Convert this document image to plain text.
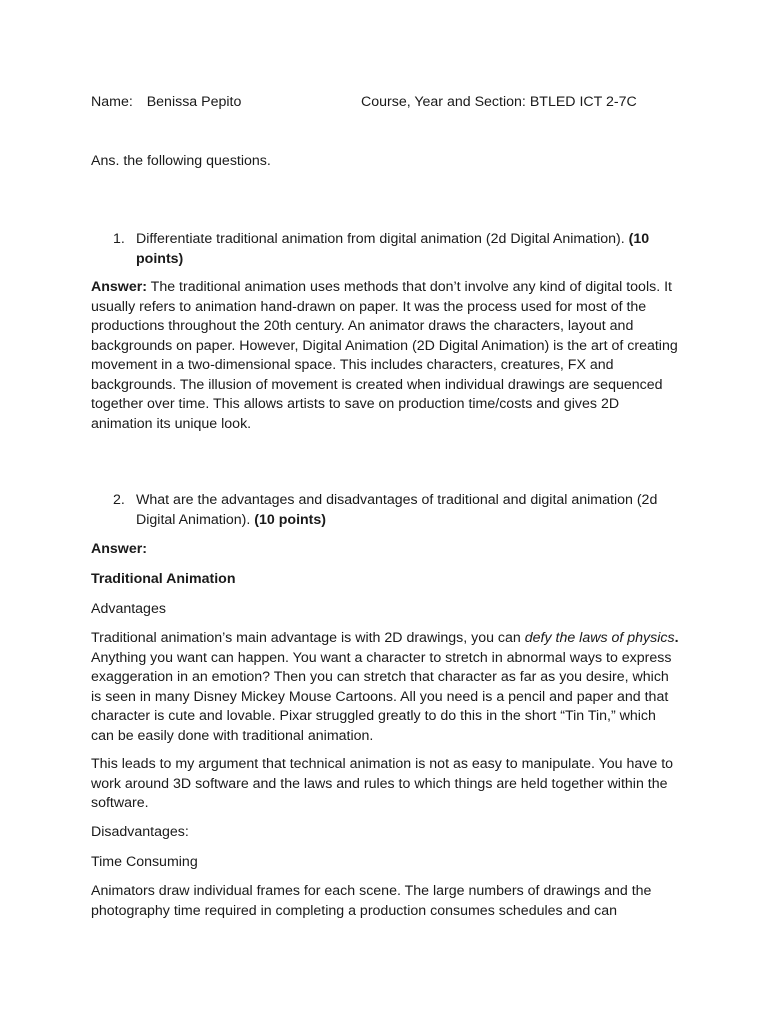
Name: Benissa Pepito	Course, Year and Section: BTLED ICT 2-7C
Ans. the following questions.
1. Differentiate traditional animation from digital animation (2d Digital Animation). (10 points)
Answer: The traditional animation uses methods that don’t involve any kind of digital tools. It usually refers to animation hand-drawn on paper. It was the process used for most of the productions throughout the 20th century. An animator draws the characters, layout and backgrounds on paper. However, Digital Animation (2D Digital Animation) is the art of creating movement in a two-dimensional space. This includes characters, creatures, FX and backgrounds. The illusion of movement is created when individual drawings are sequenced together over time. This allows artists to save on production time/costs and gives 2D animation its unique look.
2. What are the advantages and disadvantages of traditional and digital animation (2d Digital Animation). (10 points)
Answer:
Traditional Animation
Advantages
Traditional animation’s main advantage is with 2D drawings, you can defy the laws of physics. Anything you want can happen. You want a character to stretch in abnormal ways to express exaggeration in an emotion? Then you can stretch that character as far as you desire, which is seen in many Disney Mickey Mouse Cartoons. All you need is a pencil and paper and that character is cute and lovable. Pixar struggled greatly to do this in the short “Tin Tin,” which can be easily done with traditional animation.
This leads to my argument that technical animation is not as easy to manipulate. You have to work around 3D software and the laws and rules to which things are held together within the software.
Disadvantages:
Time Consuming
Animators draw individual frames for each scene. The large numbers of drawings and the photography time required in completing a production consumes schedules and can
